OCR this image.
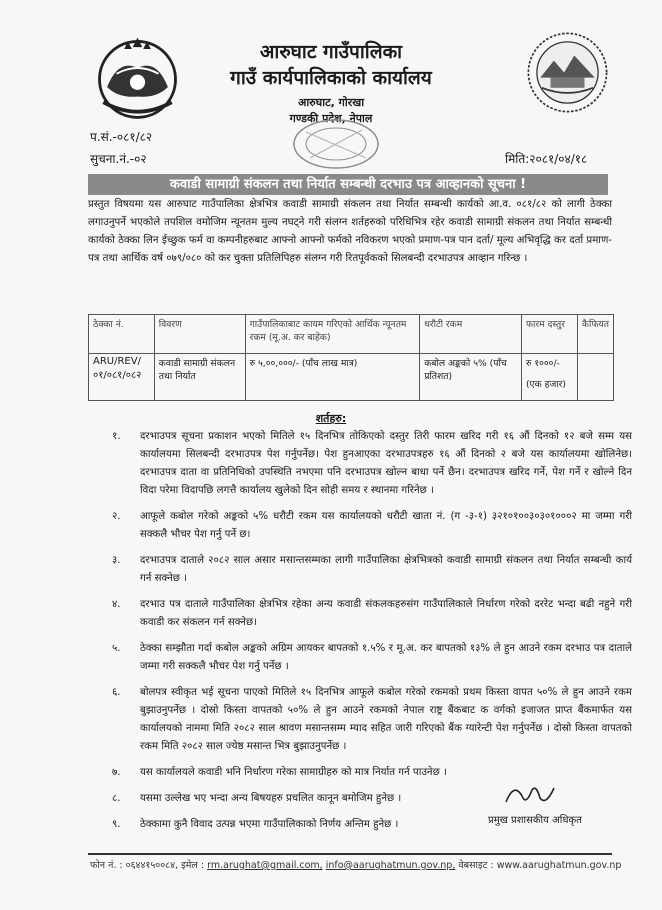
आरुघाट गाउँपालिका
गाउँ कार्यपालिकाको कार्यालय
आरुघाट, गोरखा
गण्डकी प्रदेश, नेपाल
प.सं.-०८१/८२
सुचना.नं.-०२	मिति:२०८१/०४/१८
कवाडी सामाग्री संकलन तथा निर्यात सम्बन्धी दरभाउ पत्र आव्हानको सूचना !
प्रस्तुत विषयमा यस आरुघाट गाउँपालिका क्षेत्रभित्र कवाडी सामाग्री संकलन तथा निर्यात सम्बन्धी कार्यको आ.व. ०८१/८२ को लागी ठेक्का लगाउनुपर्ने भएकोले तपशिल वमोजिम न्यूनतम मुल्य नघट्ने गरी संलग्न शर्तहरुको परिधिभित्र रहेर कवाडी सामाग्री संकलन तथा निर्यात सम्बन्धी कार्यको ठेक्का लिन ईच्छुक फर्म वा कम्पनीहरुबाट आफ्नो आफ्नो फर्मको नविकरण भएको प्रमाण-पत्र पान दर्ता/ मूल्य अभिवृद्धि कर दर्ता प्रमाण-पत्र तथा आर्थिक वर्ष ०७९/०८० को कर चुक्ता प्रतिलिपिहरु संलग्न गरी रितपूर्वकको सिलबन्दी दरभाउपत्र आव्हान गरिन्छ ।
ठेक्का नं.	विवरण	गाउँपालिकाबाट कायम गरिएको आर्थिक न्यूनतम रकम (मू.अ. कर बाहेक)	धरौटी रकम	फारम दस्तुर	कैफियत
ARU/REV/ ०१/०८१/०८२	कवाडी सामाग्री संकलन तथा निर्यात	रु ५,००,०००/- (पाँच लाख मात्र)	कबोल अङ्कको ५% (पाँच प्रतिशत)	रु १०००/-
(एक हजार)	

शर्तहरु:
१. दरभाउपत्र सूचना प्रकाशन भएको मितिले १५ दिनभित्र तोकिएको दस्तुर तिरी फारम खरिद गरी १६ औं दिनको १२ बजे सम्म यस कार्यालयमा सिलबन्दी दरभाउपत्र पेश गर्नुपर्नेछ। पेश हुनआएका दरभाउपत्रहरु १६ औं दिनको २ बजे यस कार्यालयमा खोलिनेछ। दरभाउपत्र दाता वा प्रतिनिधिको उपस्थिति नभएमा पनि दरभाउपत्र खोल्न बाधा पर्ने छैन। दरभाउपत्र खरिद गर्ने, पेश गर्ने र खोल्ने दिन विदा परेमा विदापछि लगत्तै कार्यालय खुलेको दिन सोही समय र स्थानमा गरिनेछ ।
२. आफूले कबोल गरेको अङ्कको ५% धरौटी रकम यस कार्यालयको धरौटी खाता नं. (ग -३-१) ३२१०१००३०३०१०००२ मा जम्मा गरी सक्कलै भौचर पेश गर्नु पर्ने छ।
३. दरभाउपत्र दाताले २०८२ साल असार मसान्तसम्मका लागी गाउँपालिका क्षेत्रभित्रको कवाडी सामाग्री संकलन तथा निर्यात सम्बन्धी कार्य गर्न सक्नेछ ।
४. दरभाउ पत्र दाताले गाउँपालिका क्षेत्रभित्र रहेका अन्य कवाडी संकलकहरुसंग गाउँपालिकाले निर्धारण गरेको दररेट भन्दा बढी नहुने गरी कवाडी कर संकलन गर्न सक्नेछ।
५. ठेक्का सम्झौता गर्दा कबोल अङ्कको अग्रिम आयकर बापतको १.५% र मू.अ. कर बापतको १३% ले हुन आउने रकम दरभाउ पत्र दाताले जम्मा गरी सक्कलै भौचर पेश गर्नु पर्नेछ ।
६. बोलपत्र स्वीकृत भई सूचना पाएको मितिले १५ दिनभित्र आफूले कबोल गरेको रकमको प्रथम किस्ता वापत ५०% ले हुन आउने रकम बुझाउनुपर्नेछ । दोस्रो किस्ता वापतको ५०% ले हुन आउने रकमको नेपाल राष्ट्र बैंकबाट क वर्गको इजाजत प्राप्त बैंकमार्फत यस कार्यालयको नाममा मिति २०८२ साल श्रावण मसान्तसम्म म्याद सहित जारी गरिएको बैंक ग्यारेन्टी पेश गर्नुपर्नेछ । दोस्रो किस्ता वापतको रकम मिति २०८२ साल ज्येष्ठ मसान्त भित्र बुझाउनुपर्नेछ ।
७. यस कार्यालयले कवाडी भनि निर्धारण गरेका सामाग्रीहरु को मात्र निर्यात गर्न पाउनेछ ।
८. यसमा उल्लेख भए भन्दा अन्य बिषयहरु प्रचलित कानून बमोजिम हुनेछ ।
९. ठेक्कामा कुनै विवाद उत्पन्न भएमा गाउँपालिकाको निर्णय अन्तिम हुनेछ ।	प्रमुख प्रशासकीय अधिकृत
फोन नं. : ०६४४१५००८४, इमेल : rm.arughat@gmail.com, info@aarughatmun.gov.np, वेबसाइट : www.aarughatmun.gov.np
